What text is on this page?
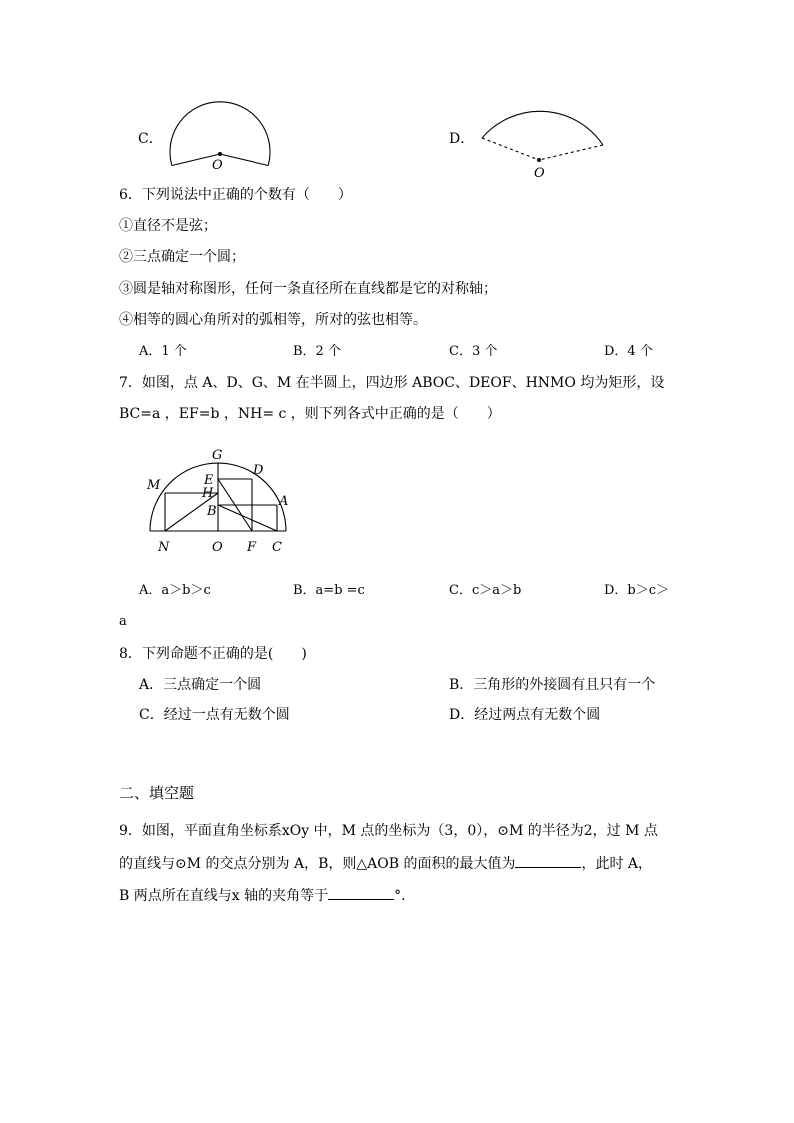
C．
O
D．
O
6．下列说法中正确的个数有（　　）
①直径不是弦；
②三点确定一个圆；
③圆是轴对称图形，任何一条直径所在直线都是它的对称轴；
④相等的圆心角所对的弧相等，所对的弦也相等。
A．1 个	B．2 个	C．3 个	D．4 个
7．如图，点 A、D、G、M 在半圆上，四边形 ABOC、DEOF、HNMO 均为矩形，设
BC=a ，EF=b ，NH= c ，则下列各式中正确的是（　　）
G
D
M	E
H
A
B
N	O F C
A．a＞b＞c	B．a=b =c	C．c＞a＞b	D．b＞c＞
a
8．下列命题不正确的是(　　)
A．三点确定一个圆	B．三角形的外接圆有且只有一个
C．经过一点有无数个圆	D．经过两点有无数个圆
二、填空题
9．如图，平面直角坐标系xOy 中，M 点的坐标为（3，0），⊙M 的半径为2，过 M 点
的直线与⊙M 的交点分别为 A，B，则△AOB 的面积的最大值为	，此时 A，
B 两点所在直线与x 轴的夹角等于	°．
